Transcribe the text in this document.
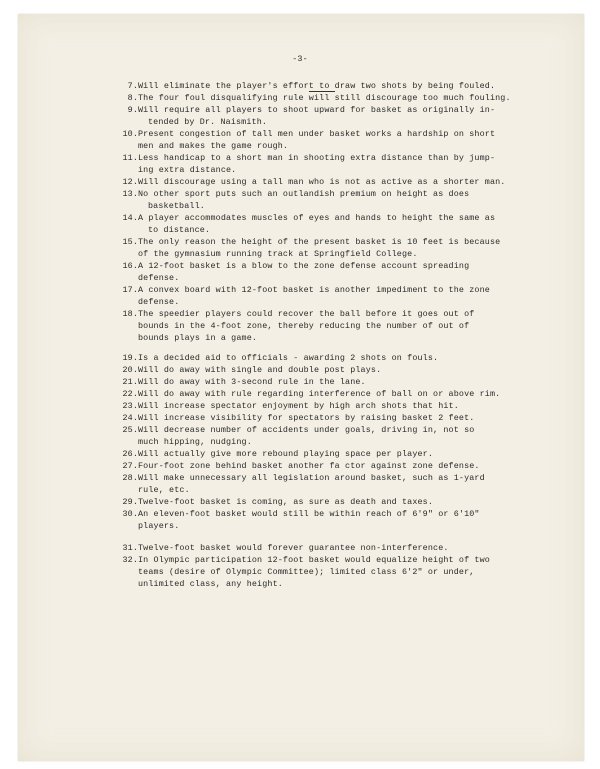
-3-
7. Will eliminate the player's effort to draw two shots by being fouled.
8. The four foul disqualifying rule will still discourage too much fouling.
9. Will require all players to shoot upward for basket as originally in-
tended by Dr. Naismith.
10. Present congestion of tall men under basket works a hardship on short
men and makes the game rough.
11. Less handicap to a short man in shooting extra distance than by jump-
ing extra distance.
12. Will discourage using a tall man who is not as active as a shorter man.
13. No other sport puts such an outlandish premium on height as does
basketball.
14. A player accommodates muscles of eyes and hands to height the same as
to distance.
15. The only reason the height of the present basket is 10 feet is because
of the gymnasium running track at Springfield College.
16. A 12-foot basket is a blow to the zone defense account spreading
defense.
17. A convex board with 12-foot basket is another impediment to the zone
defense.
18. The speedier players could recover the ball before it goes out of
bounds in the 4-foot zone, thereby reducing the number of out of
bounds plays in a game.
19. Is a decided aid to officials - awarding 2 shots on fouls.
20. Will do away with single and double post plays.
21. Will do away with 3-second rule in the lane.
22. Will do away with rule regarding interference of ball on or above rim.
23. Will increase spectator enjoyment by high arch shots that hit.
24. Will increase visibility for spectators by raising basket 2 feet.
25. Will decrease number of accidents under goals, driving in, not so
much hipping, nudging.
26. Will actually give more rebound playing space per player.
27. Four-foot zone behind basket another fa ctor against zone defense.
28. Will make unnecessary all legislation around basket, such as 1-yard
rule, etc.
29. Twelve-foot basket is coming, as sure as death and taxes.
30. An eleven-foot basket would still be within reach of 6'9" or 6'10"
players.
31. Twelve-foot basket would forever guarantee non-interference.
32. In Olympic participation 12-foot basket would equalize height of two
teams (desire of Olympic Committee); limited class 6'2" or under,
unlimited class, any height.
